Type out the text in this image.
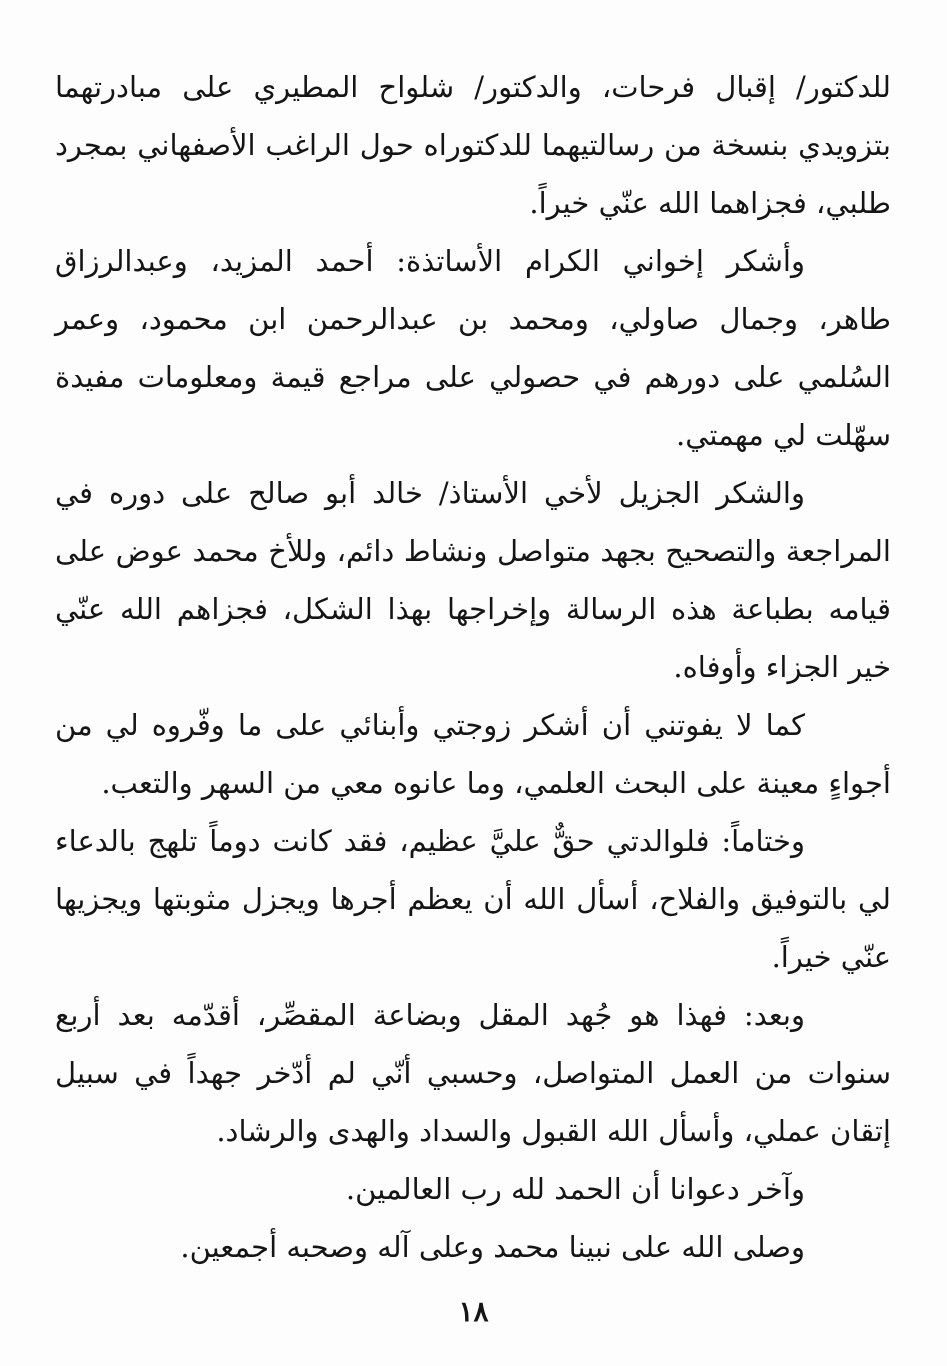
للدكتور/ إقبال فرحات، والدكتور/ شلواح المطيري على مبادرتهما بتزويدي بنسخة من رسالتيهما للدكتوراه حول الراغب الأصفهاني بمجرد طلبي، فجزاهما الله عنّي خيراً.

وأشكر إخواني الكرام الأساتذة: أحمد المزيد، وعبدالرزاق طاهر، وجمال صاولي، ومحمد بن عبدالرحمن ابن محمود، وعمر السُلمي على دورهم في حصولي على مراجع قيمة ومعلومات مفيدة سهّلت لي مهمتي.

والشكر الجزيل لأخي الأستاذ/ خالد أبو صالح على دوره في المراجعة والتصحيح بجهد متواصل ونشاط دائم، وللأخ محمد عوض على قيامه بطباعة هذه الرسالة وإخراجها بهذا الشكل، فجزاهم الله عنّي خير الجزاء وأوفاه.

كما لا يفوتني أن أشكر زوجتي وأبنائي على ما وفّروه لي من أجواءٍ معينة على البحث العلمي، وما عانوه معي من السهر والتعب.

وختاماً: فلوالدتي حقٌّ عليَّ عظيم، فقد كانت دوماً تلهج بالدعاء لي بالتوفيق والفلاح، أسأل الله أن يعظم أجرها ويجزل مثوبتها ويجزيها عنّي خيراً.

وبعد: فهذا هو جُهد المقل وبضاعة المقصِّر، أقدّمه بعد أربع سنوات من العمل المتواصل، وحسبي أنّي لم أدّخر جهداً في سبيل إتقان عملي، وأسأل الله القبول والسداد والهدى والرشاد.

وآخر دعوانا أن الحمد لله رب العالمين.

وصلى الله على نبينا محمد وعلى آله وصحبه أجمعين.

١٨
